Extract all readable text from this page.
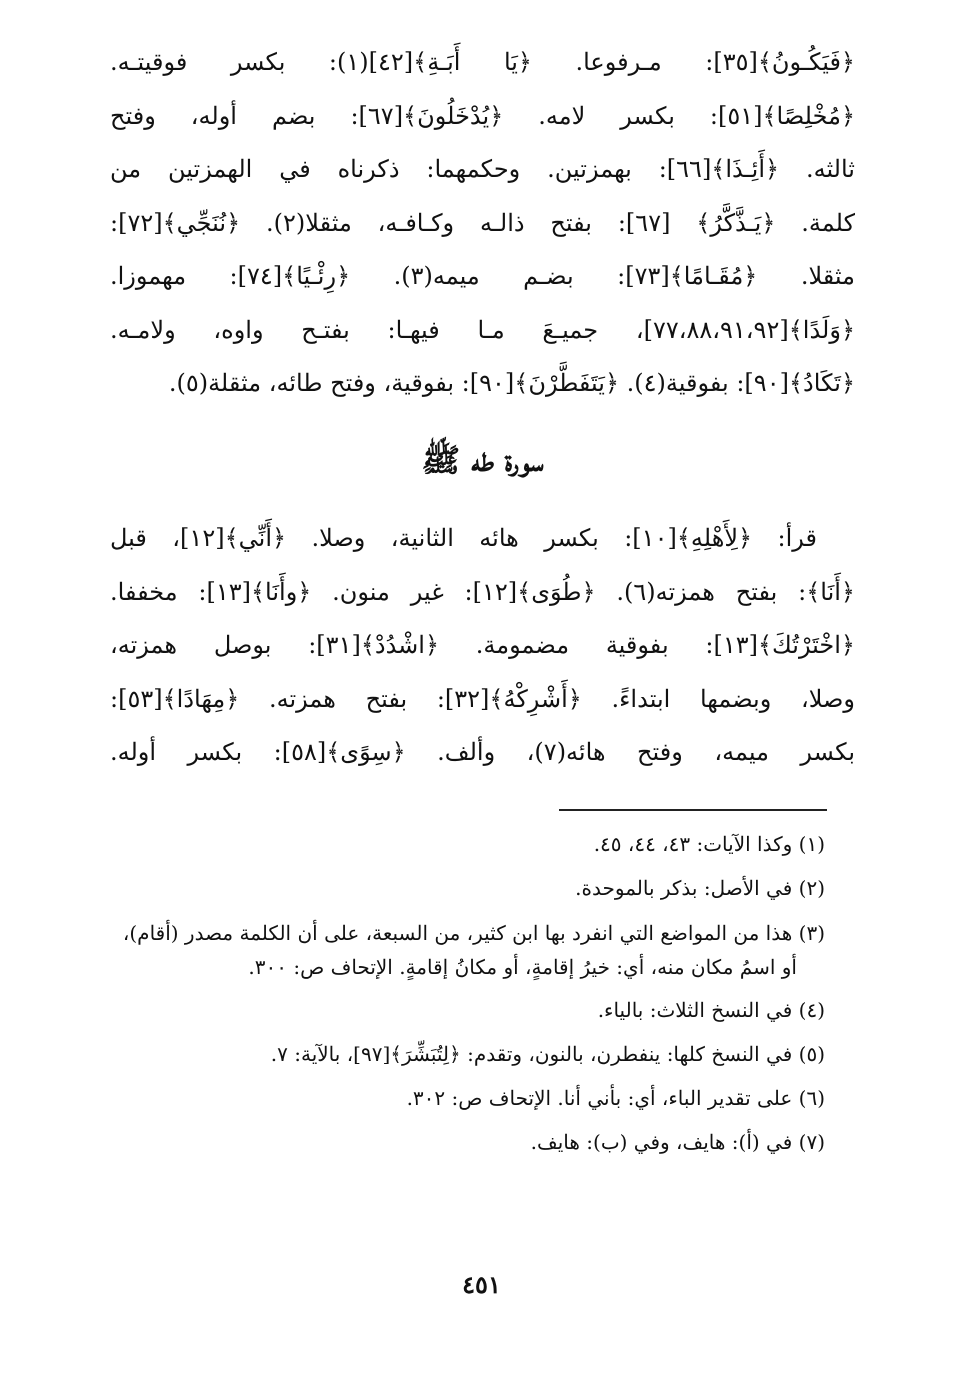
﴿فَيَكُـونُ﴾[٣٥]: مـرفوعا. ﴿يَا أَبَـةِ﴾[٤٢](١): بكسر فوقيتـه.
﴿مُخْلِصًا﴾[٥١]: بكسر لامه. ﴿يُدْخَلُونَ﴾[٦٧]: بضم أوله، وفتح
ثالثه. ﴿أَئِـذَا﴾[٦٦]: بهمزتين. وحكمهما: ذكرناه في الهمزتين من
كلمة. ﴿يَـذَّكَّرُ﴾ [٦٧]: بفتح ذالـه وكـافـه، مثقلا(٢). ﴿نُنَجِّي﴾[٧٢]:
مثقلا. ﴿مُقَـامًا﴾[٧٣]: بضـم ميمه(٣). ﴿رِئْـيًا﴾[٧٤]: مهموزا.
﴿وَلَدًا﴾[٧٧،٨٨،٩١،٩٢]، جميـعَ مـا فيهـا: بفتـح واوه، ولامـه.
﴿تَكَادُ﴾[٩٠]: بفوقية(٤). ﴿يَتَفَطَّرْنَ﴾[٩٠]: بفوقية، وفتح طائه، مثقلة(٥).
سورة طه ﷺ
قرأ: ﴿لِأَهْلِهِ﴾[١٠]: بكسر هائه الثانية، وصلا. ﴿أَنِّي﴾[١٢]، قبل
﴿أَنَا﴾: بفتح همزته(٦). ﴿طُوَى﴾[١٢]: غير منون. ﴿وأَنَا﴾[١٣]: مخففا.
﴿اخْتَرْتُكَ﴾[١٣]: بفوقية مضمومة. ﴿اشْدُدْ﴾[٣١]: بوصل همزته،
وصلا، وبضمها ابتداءً. ﴿أَشْرِكْهُ﴾[٣٢]: بفتح همزته. ﴿مِهَادًا﴾[٥٣]:
بكسر ميمه، وفتح هائه(٧)، وألف. ﴿سِوًى﴾[٥٨]: بكسر أوله.
(١) وكذا الآيات: ٤٣، ٤٤، ٤٥.
(٢) في الأصل: بذكر بالموحدة.
(٣) هذا من المواضع التي انفرد بها ابن كثير، من السبعة، على أن الكلمة مصدر (أقام)،
أو اسمُ مكان منه، أي: خيرُ إقامةٍ، أو مكانُ إقامةٍ. الإتحاف ص: ٣٠٠.
(٤) في النسخ الثلاث: بالياء.
(٥) في النسخ كلها: ينفطرن، بالنون، وتقدم: ﴿لِتُبَشِّرَ﴾[٩٧]، بالآية: ٧.
(٦) على تقدير الباء، أي: بأني أنا. الإتحاف ص: ٣٠٢.
(٧) في (أ): هايف، وفي (ب): هايف.
٤٥١
